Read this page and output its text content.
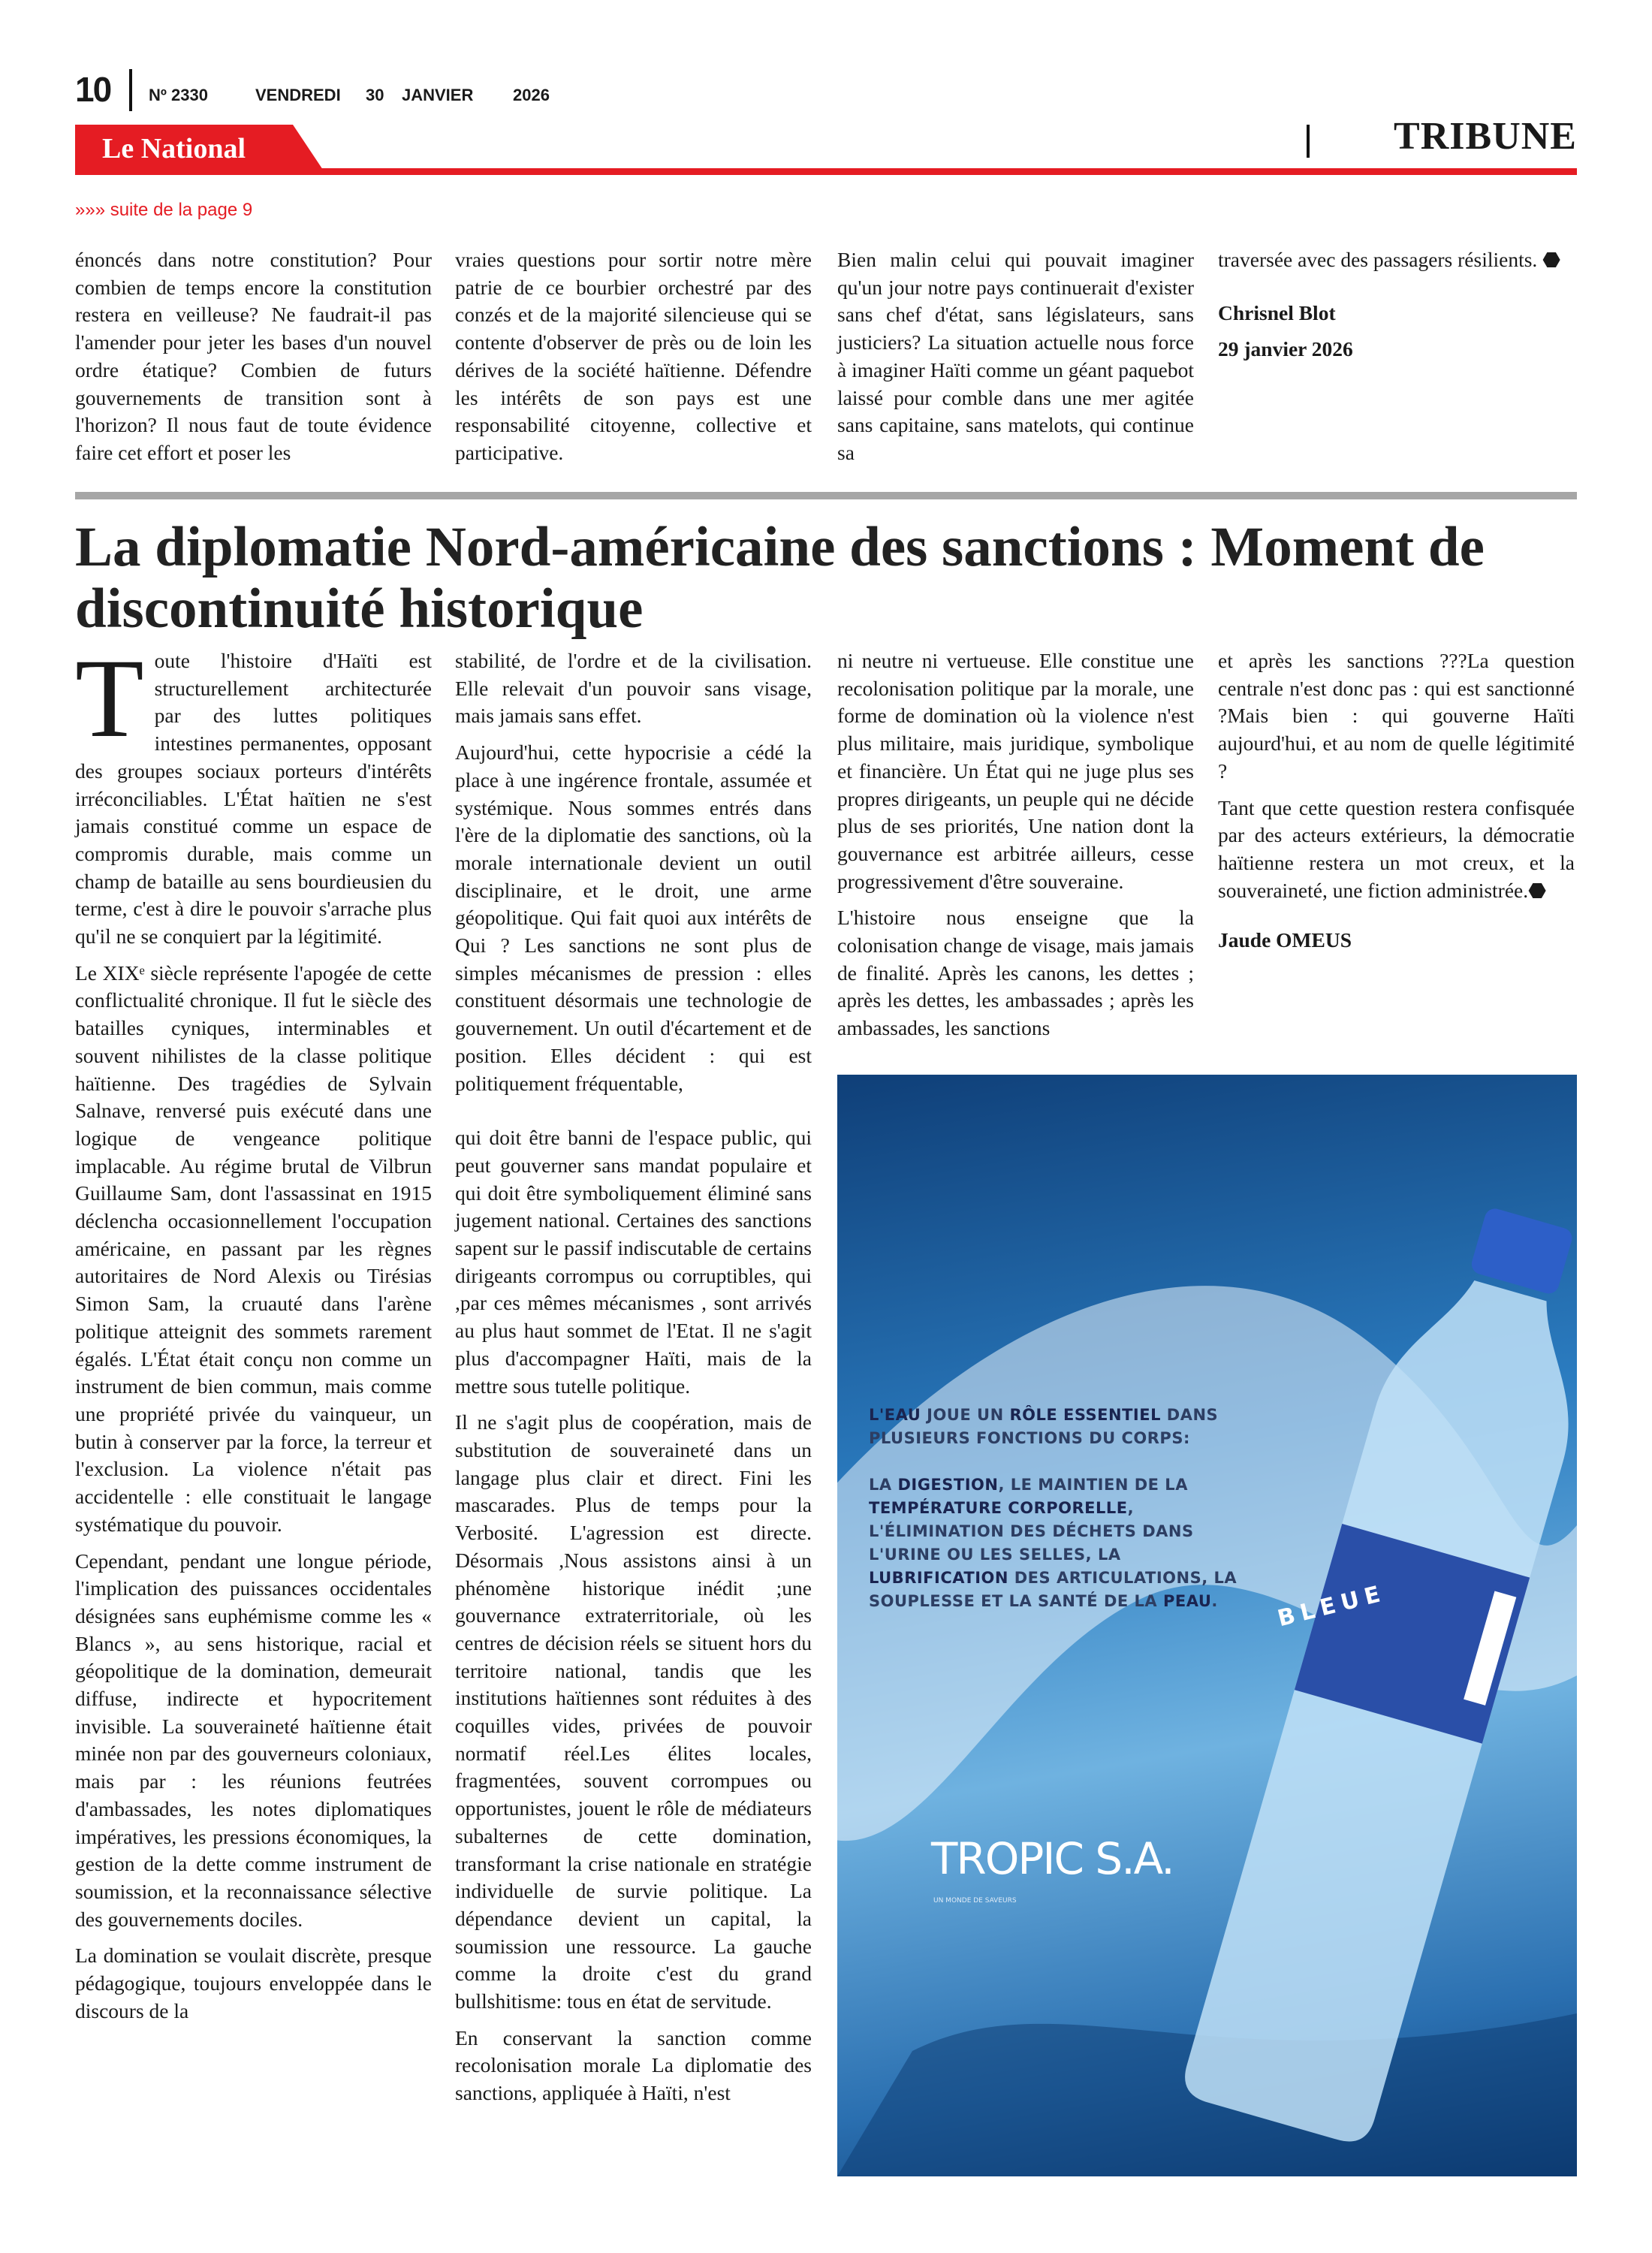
10 Nº 2330	VENDREDI 30 JANVIER 2026
Le National	TRIBUNE
»»» suite de la page 9

énoncés dans notre constitution? Pour combien de temps encore la constitution restera en veilleuse? Ne faudrait-il pas l'amender pour jeter les bases d'un nouvel ordre étatique? Combien de futurs gouvernements de transition sont à l'horizon? Il nous faut de toute évidence faire cet effort et poser les

vraies questions pour sortir notre mère patrie de ce bourbier orchestré par des conzés et de la majorité silencieuse qui se contente d'observer de près ou de loin les dérives de la société haïtienne. Défendre les intérêts de son pays est une responsabilité citoyenne, collective et participative.

Bien malin celui qui pouvait imaginer qu'un jour notre pays continuerait d'exister sans chef d'état, sans législateurs, sans justiciers? La situation actuelle nous force à imaginer Haïti comme un géant paquebot laissé pour comble dans une mer agitée sans capitaine, sans matelots, qui continue sa

traversée avec des passagers résilients. ⬣

Chrisnel Blot

29 janvier 2026

La diplomatie Nord-américaine des sanctions : Moment de discontinuité historique

Toute l'histoire d'Haïti est structurellement architecturée par des luttes politiques intestines permanentes, opposant des groupes sociaux porteurs d'intérêts irréconciliables. L'État haïtien ne s'est jamais constitué comme un espace de compromis durable, mais comme un champ de bataille au sens bourdieusien du terme, c'est à dire le pouvoir s'arrache plus qu'il ne se conquiert par la légitimité.

Le XIXᵉ siècle représente l'apogée de cette conflictualité chronique. Il fut le siècle des batailles cyniques, interminables et souvent nihilistes de la classe politique haïtienne. Des tragédies de Sylvain Salnave, renversé puis exécuté dans une logique de vengeance politique implacable. Au régime brutal de Vilbrun Guillaume Sam, dont l'assassinat en 1915 déclencha occasionnellement l'occupation américaine, en passant par les règnes autoritaires de Nord Alexis ou Tirésias Simon Sam, la cruauté dans l'arène politique atteignit des sommets rarement égalés. L'État était conçu non comme un instrument de bien commun, mais comme une propriété privée du vainqueur, un butin à conserver par la force, la terreur et l'exclusion. La violence n'était pas accidentelle : elle constituait le langage systématique du pouvoir.

Cependant, pendant une longue période, l'implication des puissances occidentales désignées sans euphémisme comme les « Blancs », au sens historique, racial et géopolitique de la domination, demeurait diffuse, indirecte et hypocritement invisible. La souveraineté haïtienne était minée non par des gouverneurs coloniaux, mais par : les réunions feutrées d'ambassades, les notes diplomatiques impératives, les pressions économiques, la gestion de la dette comme instrument de soumission, et la reconnaissance sélective des gouvernements dociles.

La domination se voulait discrète, presque pédagogique, toujours enveloppée dans le discours de la

stabilité, de l'ordre et de la civilisation. Elle relevait d'un pouvoir sans visage, mais jamais sans effet.

Aujourd'hui, cette hypocrisie a cédé la place à une ingérence frontale, assumée et systémique. Nous sommes entrés dans l'ère de la diplomatie des sanctions, où la morale internationale devient un outil disciplinaire, et le droit, une arme géopolitique. Qui fait quoi aux intérêts de Qui ? Les sanctions ne sont plus de simples mécanismes de pression : elles constituent désormais une technologie de gouvernement. Un outil d'écartement et de position. Elles décident : qui est politiquement fréquentable,

qui doit être banni de l'espace public, qui peut gouverner sans mandat populaire et qui doit être symboliquement éliminé sans jugement national. Certaines des sanctions sapent sur le passif indiscutable de certains dirigeants corrompus ou corruptibles, qui ,par ces mêmes mécanismes , sont arrivés au plus haut sommet de l'Etat. Il ne s'agit plus d'accompagner Haïti, mais de la mettre sous tutelle politique.

Il ne s'agit plus de coopération, mais de substitution de souveraineté dans un langage plus clair et direct. Fini les mascarades. Plus de temps pour la Verbosité. L'agression est directe. Désormais ,Nous assistons ainsi à un phénomène historique inédit ;une gouvernance extraterritoriale, où les centres de décision réels se situent hors du territoire national, tandis que les institutions haïtiennes sont réduites à des coquilles vides, privées de pouvoir normatif réel.Les élites locales, fragmentées, souvent corrompues ou opportunistes, jouent le rôle de médiateurs subalternes de cette domination, transformant la crise nationale en stratégie individuelle de survie politique. La dépendance devient un capital, la soumission une ressource. La gauche comme la droite c'est du grand bullshitisme: tous en état de servitude.

En conservant la sanction comme recolonisation morale La diplomatie des sanctions, appliquée à Haïti, n'est

ni neutre ni vertueuse. Elle constitue une recolonisation politique par la morale, une forme de domination où la violence n'est plus militaire, mais juridique, symbolique et financière. Un État qui ne juge plus ses propres dirigeants, un peuple qui ne décide plus de ses priorités, Une nation dont la gouvernance est arbitrée ailleurs, cesse progressivement d'être souveraine.

L'histoire nous enseigne que la colonisation change de visage, mais jamais de finalité. Après les canons, les dettes ; après les dettes, les ambassades ; après les ambassades, les sanctions

et après les sanctions ???La question centrale n'est donc pas : qui est sanctionné ?Mais bien : qui gouverne Haïti aujourd'hui, et au nom de quelle légitimité ?

Tant que cette question restera confisquée par des acteurs extérieurs, la démocratie haïtienne restera un mot creux, et la souveraineté, une fiction administrée.⬣

Jaude OMEUS

L'EAU JOUE UN RÔLE ESSENTIEL DANS
PLUSIEURS FONCTIONS DU CORPS:
LA DIGESTION, LE MAINTIEN DE LA
TEMPÉRATURE CORPORELLE,
L'ÉLIMINATION DES DÉCHETS DANS
L'URINE OU LES SELLES, LA
LUBRIFICATION DES ARTICULATIONS, LA
SOUPLESSE ET LA SANTÉ DE LA PEAU.	BLEUE
TROPIC S.A.
UN MONDE DE SAVEURS
